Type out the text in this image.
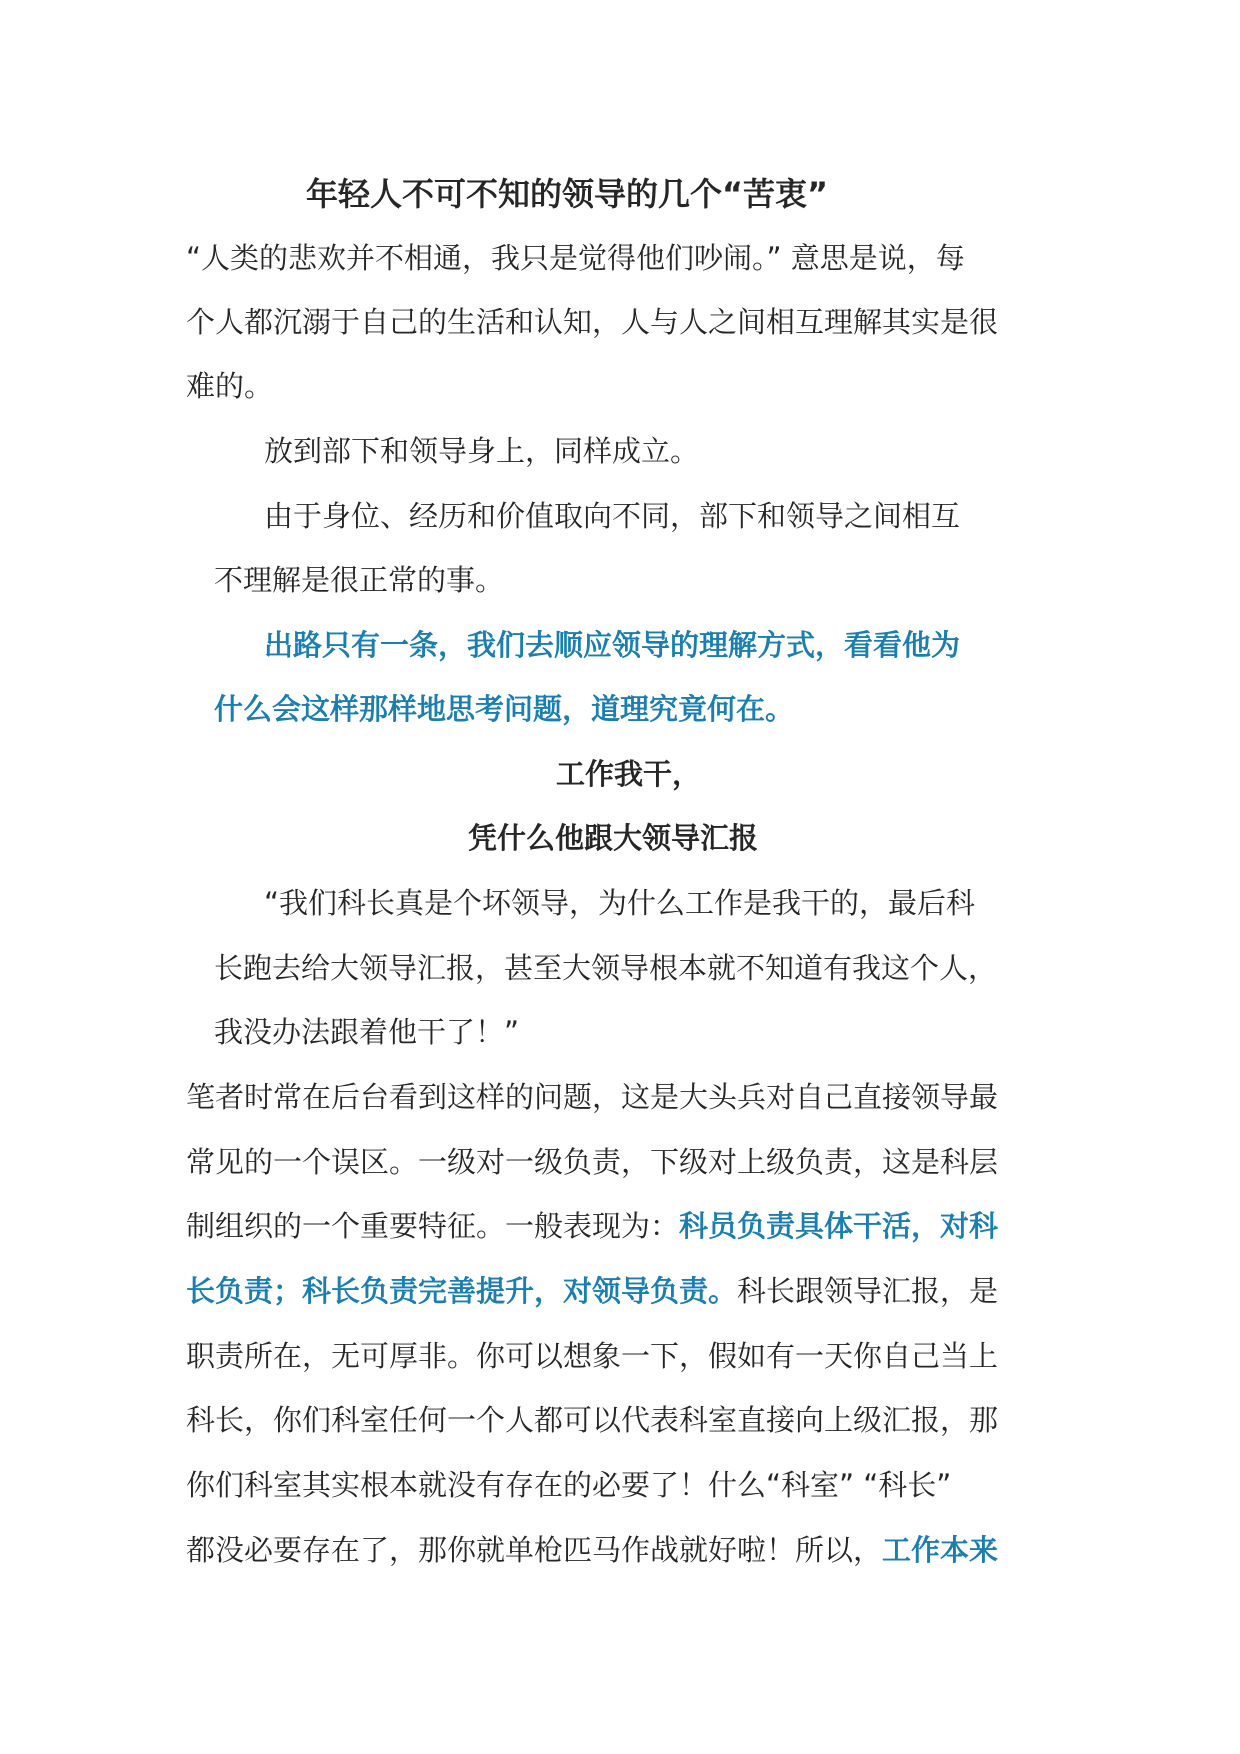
年轻人不可不知的领导的几个“苦衷”
“人类的悲欢并不相通，我只是觉得他们吵闹。” 意思是说，每
个人都沉溺于自己的生活和认知，人与人之间相互理解其实是很
难的。
放到部下和领导身上，同样成立。
由于身位、经历和价值取向不同，部下和领导之间相互
不理解是很正常的事。
出路只有一条，我们去顺应领导的理解方式，看看他为
什么会这样那样地思考问题，道理究竟何在。
工作我干，
凭什么他跟大领导汇报
“我们科长真是个坏领导，为什么工作是我干的，最后科
长跑去给大领导汇报，甚至大领导根本就不知道有我这个人，
我没办法跟着他干了！”
笔者时常在后台看到这样的问题，这是大头兵对自己直接领导最
常见的一个误区。一级对一级负责，下级对上级负责，这是科层
制组织的一个重要特征。一般表现为：科员负责具体干活，对科
长负责；科长负责完善提升，对领导负责。科长跟领导汇报，是
职责所在，无可厚非。你可以想象一下，假如有一天你自己当上
科长，你们科室任何一个人都可以代表科室直接向上级汇报，那
你们科室其实根本就没有存在的必要了！什么“科室” “科长”
都没必要存在了，那你就单枪匹马作战就好啦！所以，工作本来
